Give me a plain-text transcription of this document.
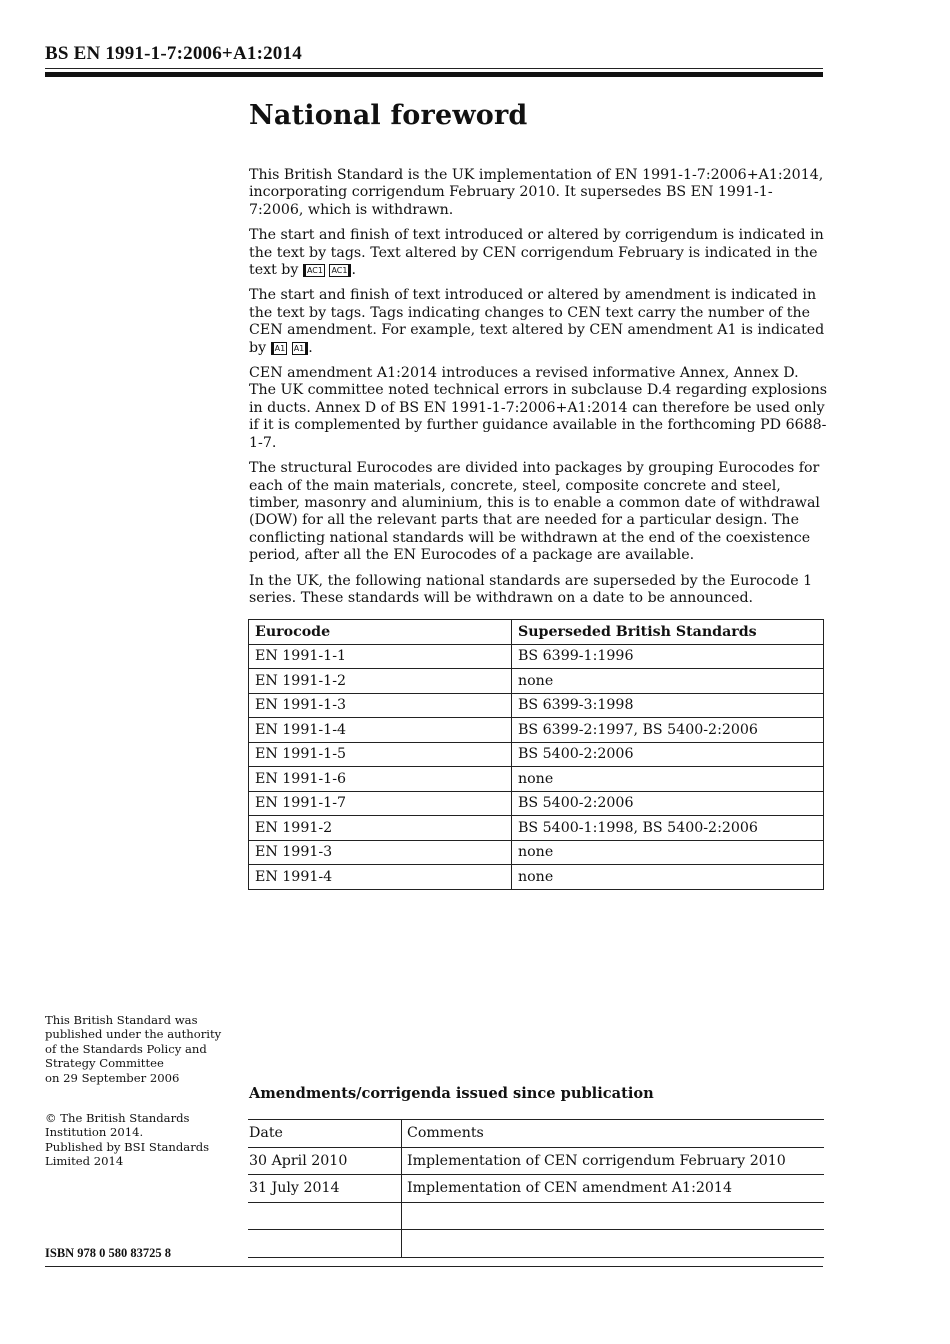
BS EN 1991-1-7:2006+A1:2014
National foreword

This British Standard is the UK implementation of EN 1991-1-7:2006+A1:2014, incorporating corrigendum February 2010. It supersedes BS EN 1991-1-7:2006, which is withdrawn.

The start and finish of text introduced or altered by corrigendum is indicated in the text by tags. Text altered by CEN corrigendum February is indicated in the text by AC1 AC1 .

The start and finish of text introduced or altered by amendment is indicated in the text by tags. Tags indicating changes to CEN text carry the number of the CEN amendment. For example, text altered by CEN amendment A1 is indicated by A1 A1 .

CEN amendment A1:2014 introduces a revised informative Annex, Annex D. The UK committee noted technical errors in subclause D.4 regarding explosions in ducts. Annex D of BS EN 1991-1-7:2006+A1:2014 can therefore be used only if it is complemented by further guidance available in the forthcoming PD 6688-1-7.

The structural Eurocodes are divided into packages by grouping Eurocodes for each of the main materials, concrete, steel, composite concrete and steel, timber, masonry and aluminium, this is to enable a common date of withdrawal (DOW) for all the relevant parts that are needed for a particular design. The conflicting national standards will be withdrawn at the end of the coexistence period, after all the EN Eurocodes of a package are available.

In the UK, the following national standards are superseded by the Eurocode 1 series. These standards will be withdrawn on a date to be announced.

Eurocode	Superseded British Standards
EN 1991-1-1	BS 6399-1:1996
EN 1991-1-2	none
EN 1991-1-3	BS 6399-3:1998
EN 1991-1-4	BS 6399-2:1997, BS 5400-2:2006
EN 1991-1-5	BS 5400-2:2006
EN 1991-1-6	none
EN 1991-1-7	BS 5400-2:2006
EN 1991-2	BS 5400-1:1998, BS 5400-2:2006
EN 1991-3	none
EN 1991-4	none

This British Standard was

published under the authority

of the Standards Policy and

Strategy Committee

on 29 September 2006

© The British Standards

Institution 2014.

Published by BSI Standards

Limited 2014

Amendments/corrigenda issued since publication
Date	Comments
30 April 2010	Implementation of CEN corrigendum February 2010
31 July 2014	Implementation of CEN amendment A1:2014

ISBN 978 0 580 83725 8
